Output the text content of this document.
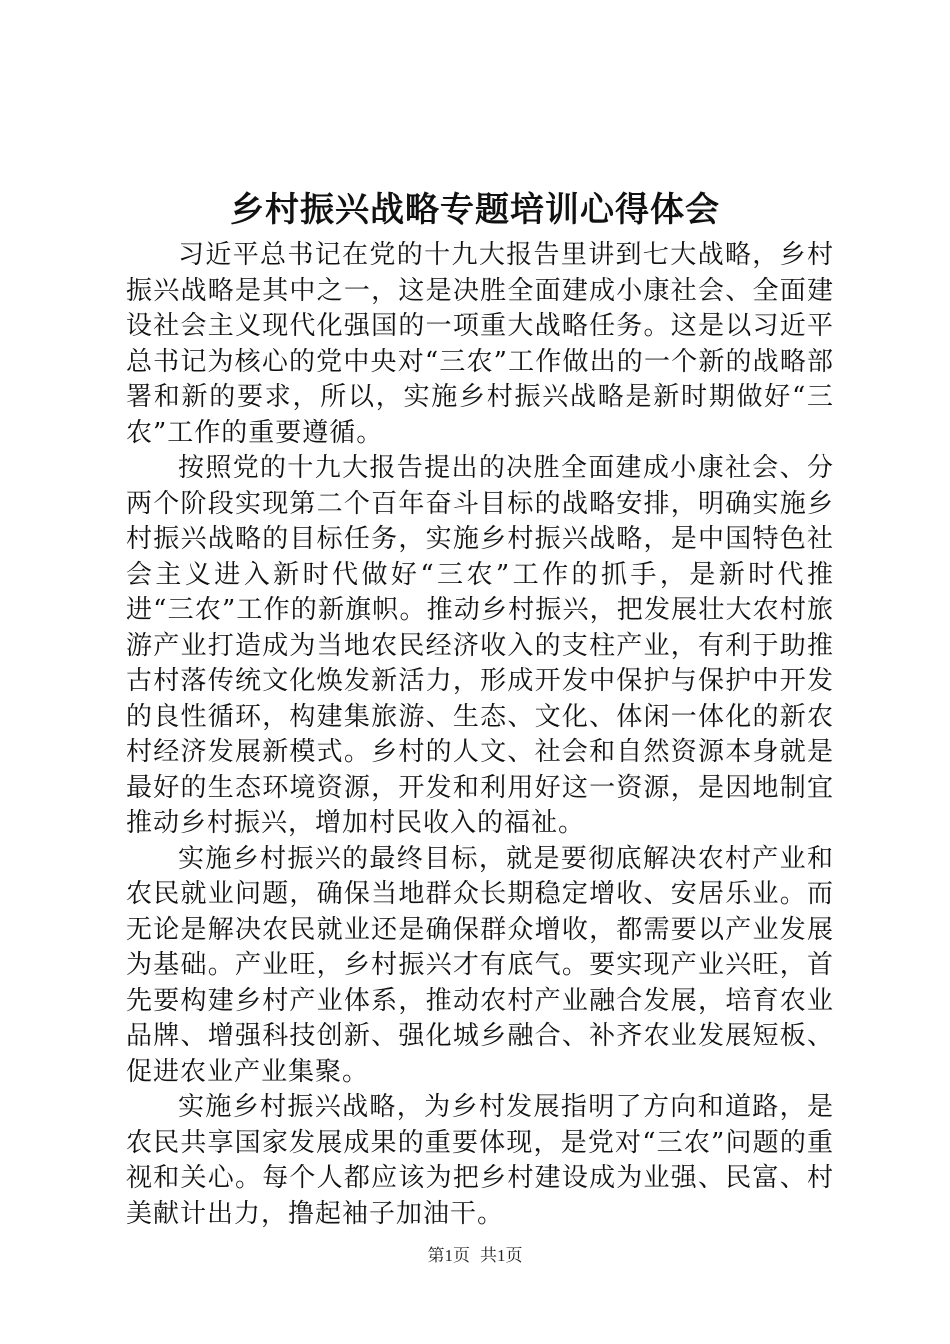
乡村振兴战略专题培训心得体会

习近平总书记在党的十九大报告里讲到七大战略，乡村振兴战略是其中之一，这是决胜全面建成小康社会、全面建设社会主义现代化强国的一项重大战略任务。这是以习近平总书记为核心的党中央对“三农”工作做出的一个新的战略部署和新的要求，所以，实施乡村振兴战略是新时期做好“三农”工作的重要遵循。

按照党的十九大报告提出的决胜全面建成小康社会、分两个阶段实现第二个百年奋斗目标的战略安排，明确实施乡村振兴战略的目标任务，实施乡村振兴战略，是中国特色社会主义进入新时代做好“三农”工作的抓手，是新时代推进“三农”工作的新旗帜。推动乡村振兴，把发展壮大农村旅游产业打造成为当地农民经济收入的支柱产业，有利于助推古村落传统文化焕发新活力，形成开发中保护与保护中开发的良性循环，构建集旅游、生态、文化、体闲一体化的新农村经济发展新模式。乡村的人文、社会和自然资源本身就是最好的生态环境资源，开发和利用好这一资源，是因地制宜推动乡村振兴，增加村民收入的福祉。

实施乡村振兴的最终目标，就是要彻底解决农村产业和农民就业问题，确保当地群众长期稳定增收、安居乐业。而无论是解决农民就业还是确保群众增收，都需要以产业发展为基础。产业旺，乡村振兴才有底气。要实现产业兴旺，首先要构建乡村产业体系，推动农村产业融合发展，培育农业品牌、增强科技创新、强化城乡融合、补齐农业发展短板、促进农业产业集聚。

实施乡村振兴战略，为乡村发展指明了方向和道路，是农民共享国家发展成果的重要体现，是党对“三农”问题的重视和关心。每个人都应该为把乡村建设成为业强、民富、村美献计出力，撸起袖子加油干。

第1页 共1页
